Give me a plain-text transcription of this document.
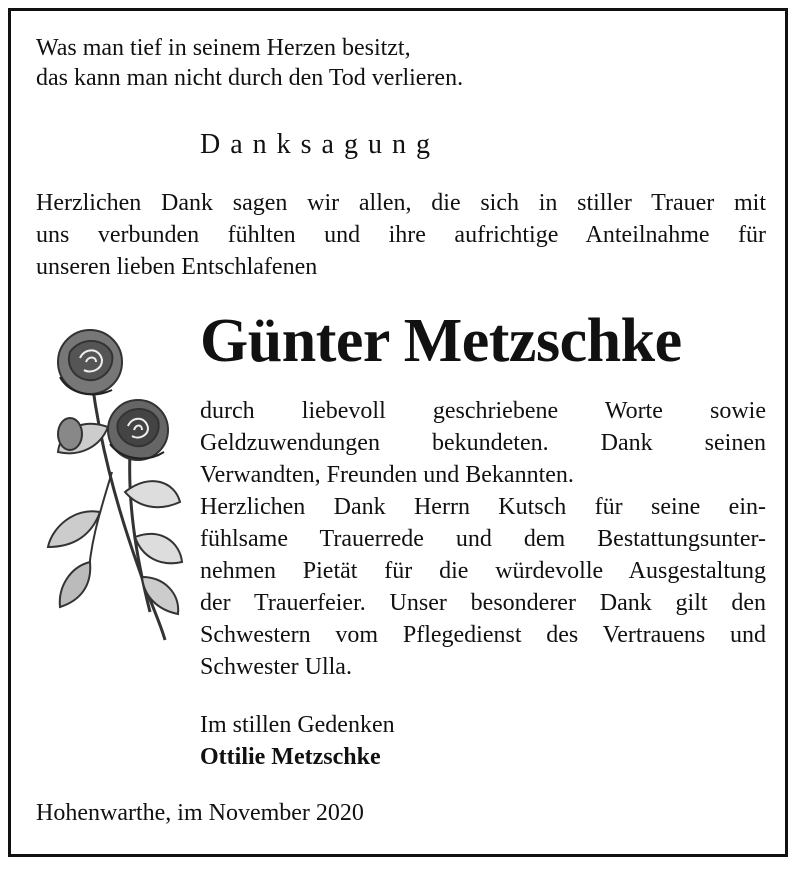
Was man tief in seinem Herzen besitzt,
das kann man nicht durch den Tod verlieren.
Danksagung
Herzlichen Dank sagen wir allen, die sich in stiller Trauer mit
uns verbunden fühlten und ihre aufrichtige Anteilnahme für
unseren lieben Entschlafenen
Günter Metzschke
durch liebevoll geschriebene Worte sowie
Geldzuwendungen bekundeten. Dank seinen
Verwandten, Freunden und Bekannten.
Herzlichen Dank Herrn Kutsch für seine ein-
fühlsame Trauerrede und dem Bestattungsunter-
nehmen Pietät für die würdevolle Ausgestaltung
der Trauerfeier. Unser besonderer Dank gilt den
Schwestern vom Pflegedienst des Vertrauens und
Schwester Ulla.
Im stillen Gedenken
Ottilie Metzschke
Hohenwarthe, im November 2020
